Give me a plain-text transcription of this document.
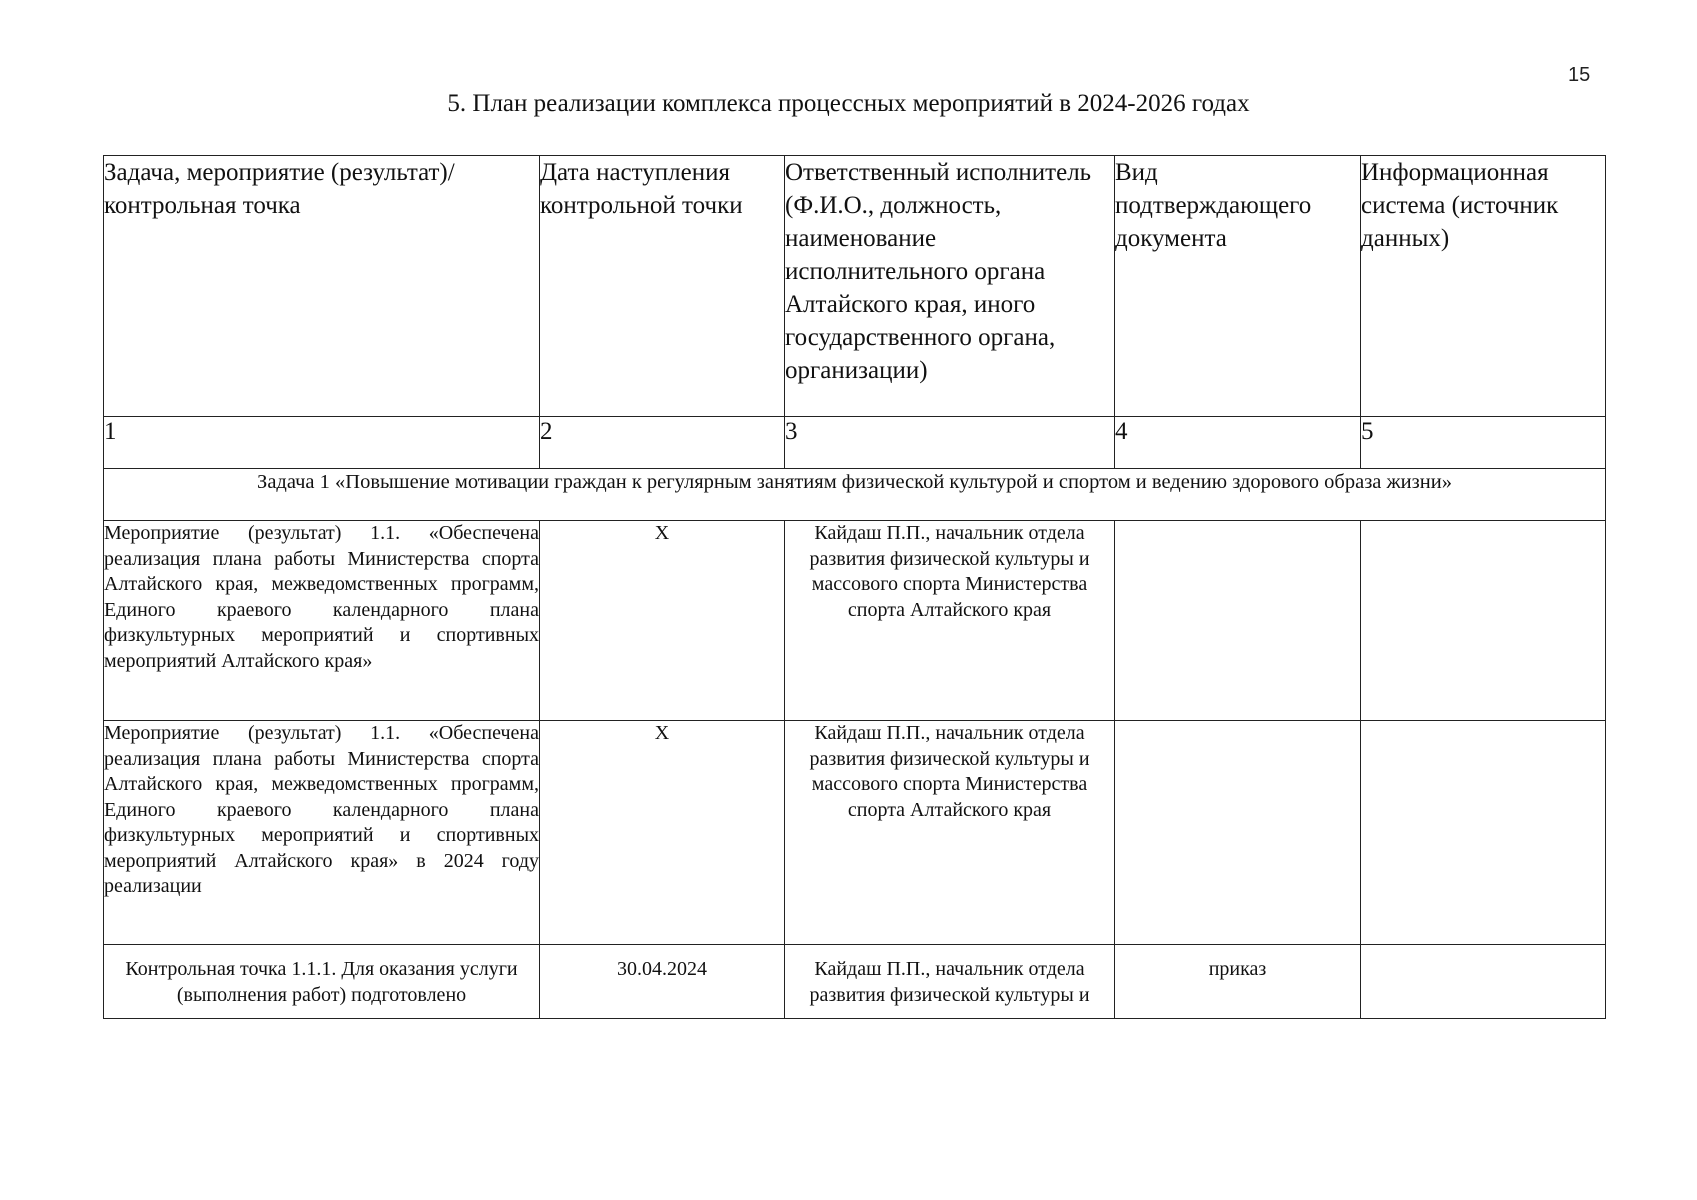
15
5. План реализации комплекса процессных мероприятий в 2024-2026 годах
Задача, мероприятие (результат)/ контрольная точка	Дата наступления контрольной точки	Ответственный исполнитель (Ф.И.О., должность, наименование исполнительного органа Алтайского края, иного государственного органа, организации)	Вид подтверждающего документа	Информационная система (источник данных)
1	2	3	4	5
Задача 1 «Повышение мотивации граждан к регулярным занятиям физической культурой и спортом и ведению здорового образа жизни»				
Мероприятие (результат) 1.1. «Обеспечена реализация плана работы Министерства спорта Алтайского края, межведомственных программ, Единого краевого календарного плана физкультурных мероприятий и спортивных мероприятий Алтайского края»	X	Кайдаш П.П., начальник отдела развития физической культуры и массового спорта Министерства спорта Алтайского края		
Мероприятие (результат) 1.1. «Обеспечена реализация плана работы Министерства спорта Алтайского края, межведомственных программ, Единого краевого календарного плана физкультурных мероприятий и спортивных мероприятий Алтайского края» в 2024 году реализации	X	Кайдаш П.П., начальник отдела развития физической культуры и массового спорта Министерства спорта Алтайского края		
Контрольная точка 1.1.1. Для оказания услуги (выполнения работ) подготовлено	30.04.2024	Кайдаш П.П., начальник отдела развития физической культуры и	приказ	
